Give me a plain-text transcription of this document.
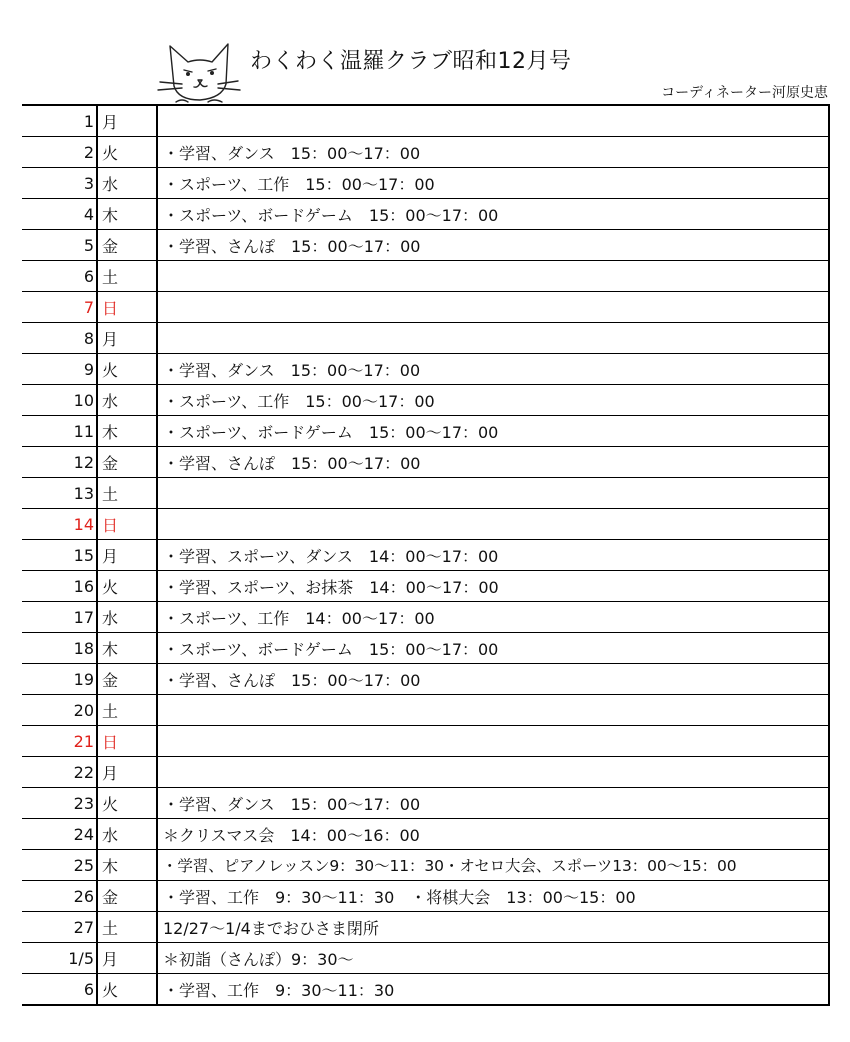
わくわく温羅クラブ昭和12月号
コーディネーター河原史恵
1	月	
2	火	・学習、ダンス　15：00〜17：00
3	水	・スポーツ、工作　15：00〜17：00
4	木	・スポーツ、ボードゲーム　15：00〜17：00
5	金	・学習、さんぽ　15：00〜17：00
6	土	
7	日	
8	月	
9	火	・学習、ダンス　15：00〜17：00
10	水	・スポーツ、工作　15：00〜17：00
11	木	・スポーツ、ボードゲーム　15：00〜17：00
12	金	・学習、さんぽ　15：00〜17：00
13	土	
14	日	
15	月	・学習、スポーツ、ダンス　14：00〜17：00
16	火	・学習、スポーツ、お抹茶　14：00〜17：00
17	水	・スポーツ、工作　14：00〜17：00
18	木	・スポーツ、ボードゲーム　15：00〜17：00
19	金	・学習、さんぽ　15：00〜17：00
20	土	
21	日	
22	月	
23	火	・学習、ダンス　15：00〜17：00
24	水	＊クリスマス会　14：00〜16：00
25	木	・学習、ピアノレッスン9：30〜11：30・オセロ大会、スポーツ13：00〜15：00
26	金	・学習、工作　9：30〜11：30　・将棋大会　13：00〜15：00
27	土	12/27〜1/4までおひさま閉所
1/5	月	＊初詣（さんぽ）9：30〜
6	火	・学習、工作　9：30〜11：30
